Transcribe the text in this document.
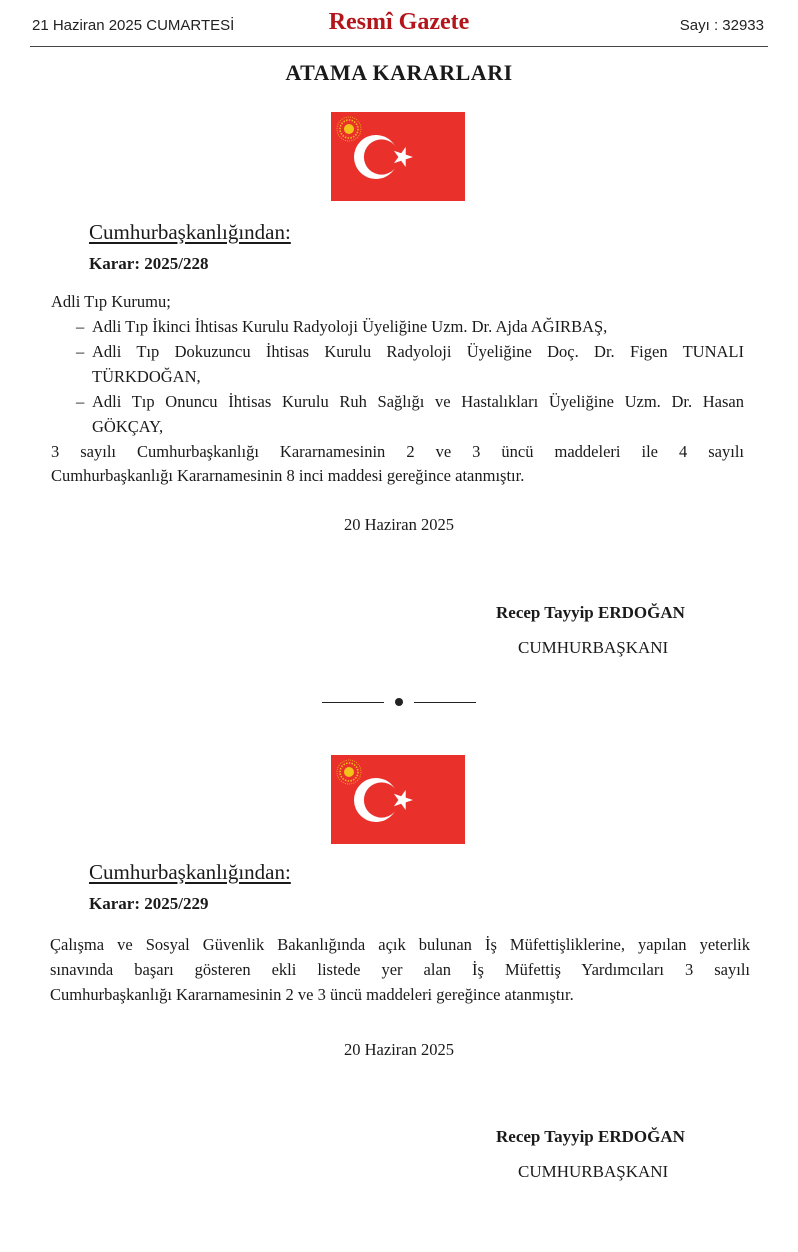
21 Haziran 2025 CUMARTESİ	Resmî Gazete	Sayı : 32933
ATAMA KARARLARI
Cumhurbaşkanlığından:
Karar: 2025/228
Adli Tıp Kurumu;
– Adli Tıp İkinci İhtisas Kurulu Radyoloji Üyeliğine Uzm. Dr. Ajda AĞIRBAŞ,
– Adli Tıp Dokuzuncu İhtisas Kurulu Radyoloji Üyeliğine Doç. Dr. Figen TUNALI
TÜRKDOĞAN,
– Adli Tıp Onuncu İhtisas Kurulu Ruh Sağlığı ve Hastalıkları Üyeliğine Uzm. Dr. Hasan
GÖKÇAY,
3 sayılı Cumhurbaşkanlığı Kararnamesinin 2 ve 3 üncü maddeleri ile 4 sayılı
Cumhurbaşkanlığı Kararnamesinin 8 inci maddesi gereğince atanmıştır.
20 Haziran 2025
Recep Tayyip ERDOĞAN
CUMHURBAŞKANI
Cumhurbaşkanlığından:
Karar: 2025/229
Çalışma ve Sosyal Güvenlik Bakanlığında açık bulunan İş Müfettişliklerine, yapılan yeterlik
sınavında başarı gösteren ekli listede yer alan İş Müfettiş Yardımcıları 3 sayılı
Cumhurbaşkanlığı Kararnamesinin 2 ve 3 üncü maddeleri gereğince atanmıştır.
20 Haziran 2025
Recep Tayyip ERDOĞAN
CUMHURBAŞKANI
